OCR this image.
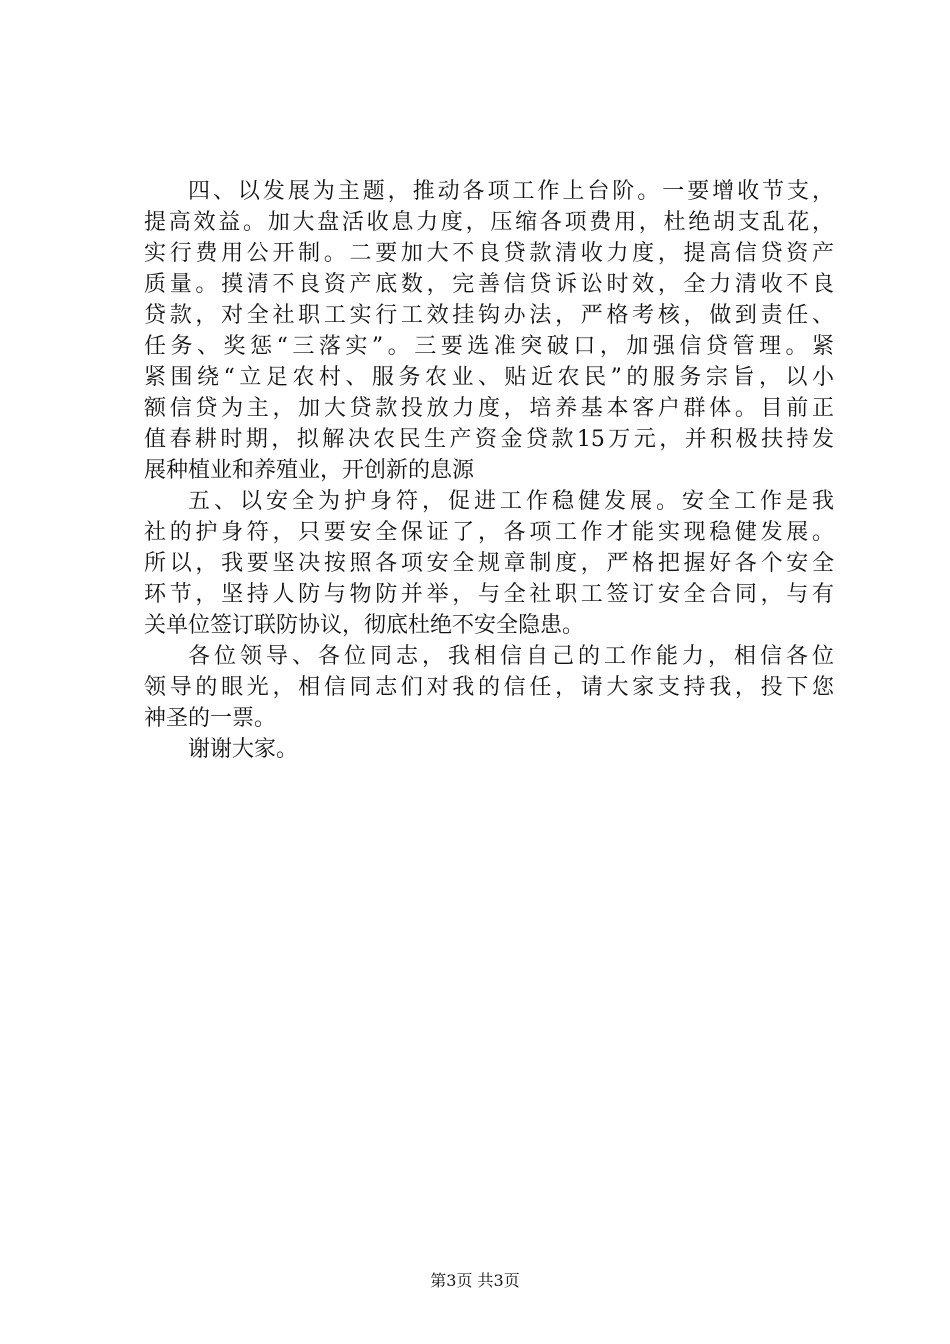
四、以发展为主题，推动各项工作上台阶。一要增收节支，
提高效益。加大盘活收息力度，压缩各项费用，杜绝胡支乱花，
实行费用公开制。二要加大不良贷款清收力度，提高信贷资产
质量。摸清不良资产底数，完善信贷诉讼时效，全力清收不良
贷款，对全社职工实行工效挂钩办法，严格考核，做到责任、
任务、奖惩“三落实”。三要选准突破口，加强信贷管理。紧
紧围绕“立足农村、服务农业、贴近农民”的服务宗旨，以小
额信贷为主，加大贷款投放力度，培养基本客户群体。目前正
值春耕时期，拟解决农民生产资金贷款15万元，并积极扶持发
展种植业和养殖业，开创新的息源
五、以安全为护身符，促进工作稳健发展。安全工作是我
社的护身符，只要安全保证了，各项工作才能实现稳健发展。
所以，我要坚决按照各项安全规章制度，严格把握好各个安全
环节，坚持人防与物防并举，与全社职工签订安全合同，与有
关单位签订联防协议，彻底杜绝不安全隐患。
各位领导、各位同志，我相信自己的工作能力，相信各位
领导的眼光，相信同志们对我的信任，请大家支持我，投下您
神圣的一票。
谢谢大家。
第3页 共3页
